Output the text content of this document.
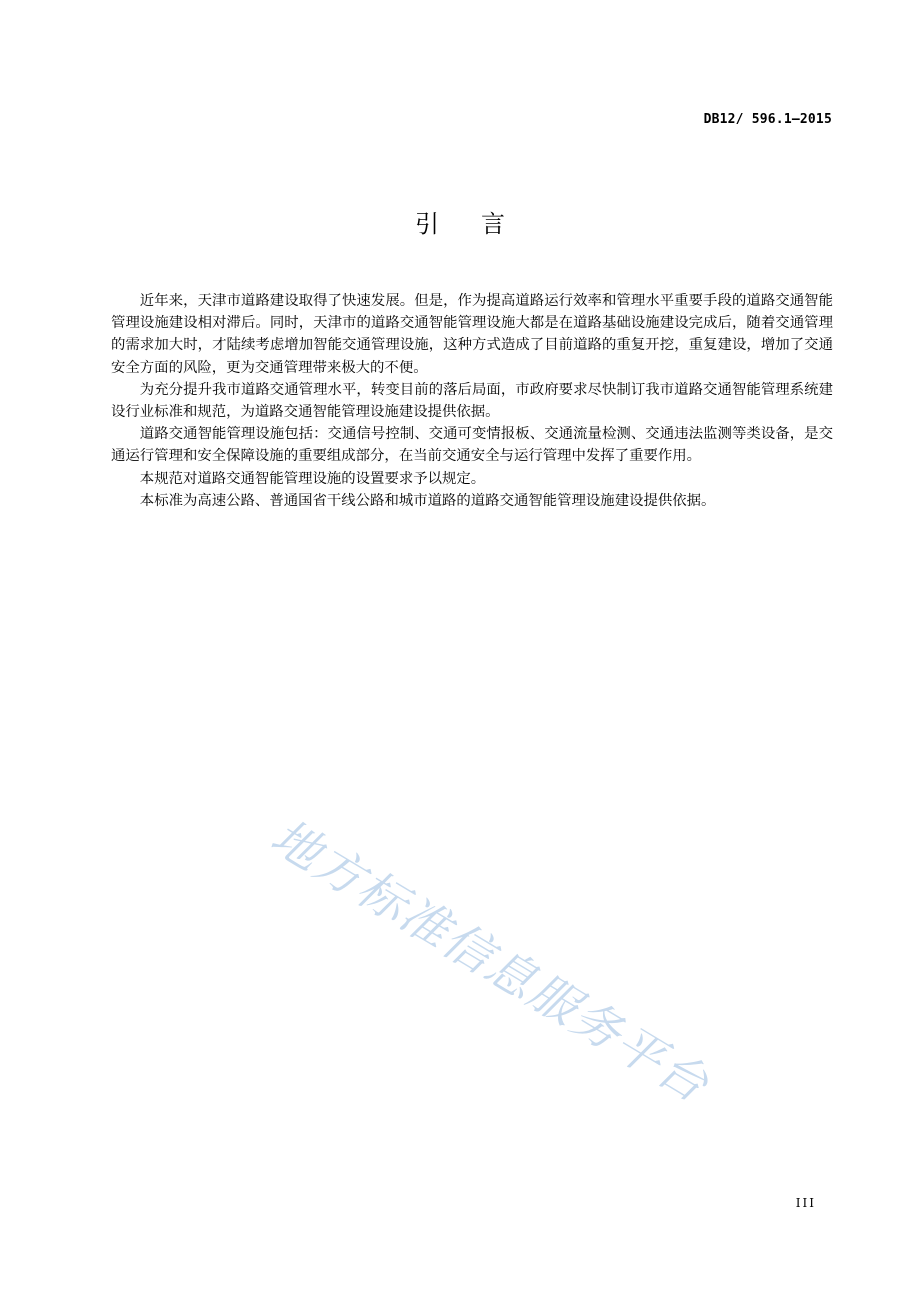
DB12/ 596.1—2015
引言

近年来，天津市道路建设取得了快速发展。但是，作为提高道路运行效率和管理水平重要手段的道路交通智能管理设施建设相对滞后。同时，天津市的道路交通智能管理设施大都是在道路基础设施建设完成后，随着交通管理的需求加大时，才陆续考虑增加智能交通管理设施，这种方式造成了目前道路的重复开挖，重复建设，增加了交通安全方面的风险，更为交通管理带来极大的不便。

为充分提升我市道路交通管理水平，转变目前的落后局面，市政府要求尽快制订我市道路交通智能管理系统建设行业标准和规范，为道路交通智能管理设施建设提供依据。

道路交通智能管理设施包括：交通信号控制、交通可变情报板、交通流量检测、交通违法监测等类设备，是交通运行管理和安全保障设施的重要组成部分，在当前交通安全与运行管理中发挥了重要作用。

本规范对道路交通智能管理设施的设置要求予以规定。

本标准为高速公路、普通国省干线公路和城市道路的道路交通智能管理设施建设提供依据。

地方标准信息服务平台
III
